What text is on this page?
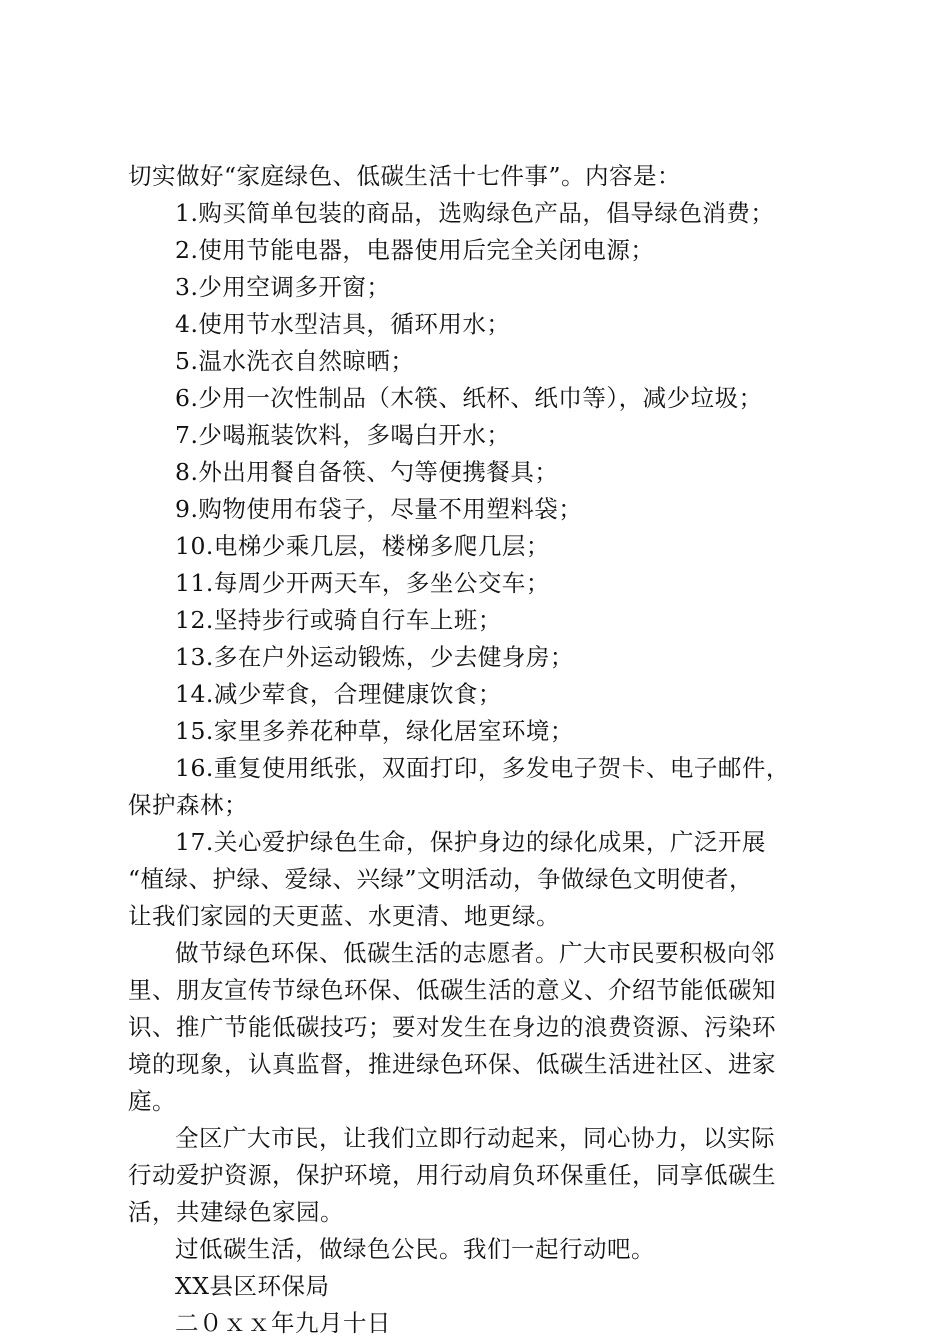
切实做好“家庭绿色、低碳生活十七件事”。内容是：
1.购买简单包装的商品，选购绿色产品，倡导绿色消费；
2.使用节能电器，电器使用后完全关闭电源；
3.少用空调多开窗；
4.使用节水型洁具，循环用水；
5.温水洗衣自然晾晒；
6.少用一次性制品（木筷、纸杯、纸巾等），减少垃圾；
7.少喝瓶装饮料，多喝白开水；
8.外出用餐自备筷、勺等便携餐具；
9.购物使用布袋子，尽量不用塑料袋；
10.电梯少乘几层，楼梯多爬几层；
11.每周少开两天车，多坐公交车；
12.坚持步行或骑自行车上班；
13.多在户外运动锻炼，少去健身房；
14.减少荤食，合理健康饮食；
15.家里多养花种草，绿化居室环境；
16.重复使用纸张，双面打印，多发电子贺卡、电子邮件，
保护森林；
17.关心爱护绿色生命，保护身边的绿化成果，广泛开展
“植绿、护绿、爱绿、兴绿”文明活动，争做绿色文明使者，
让我们家园的天更蓝、水更清、地更绿。
做节绿色环保、低碳生活的志愿者。广大市民要积极向邻
里、朋友宣传节绿色环保、低碳生活的意义、介绍节能低碳知
识、推广节能低碳技巧；要对发生在身边的浪费资源、污染环
境的现象，认真监督，推进绿色环保、低碳生活进社区、进家
庭。
全区广大市民，让我们立即行动起来，同心协力，以实际
行动爱护资源，保护环境，用行动肩负环保重任，同享低碳生
活，共建绿色家园。
过低碳生活，做绿色公民。我们一起行动吧。
XX县区环保局
二０ｘｘ年九月十日
